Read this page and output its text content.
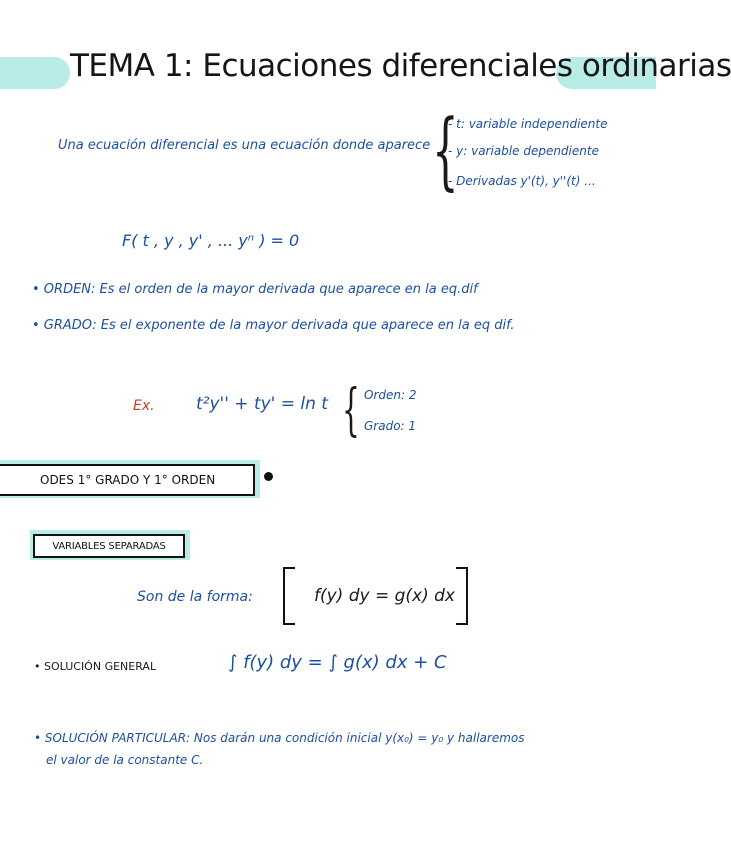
TEMA 1: Ecuaciones diferenciales ordinarias
Una ecuación diferencial es una ecuación donde aparece {
- t: variable independiente
- y: variable dependiente
- Derivadas y'(t), y''(t) ...
F( t , y , y' , ... yⁿ ) = 0
• ORDEN: Es el orden de la mayor derivada que aparece en la eq.dif
• GRADO: Es el exponente de la mayor derivada que aparece en la eq dif.
Ex. t²y'' + ty' = ln t { Orden: 2
Grado: 1
ODES 1° GRADO Y 1° ORDEN
VARIABLES SEPARADAS
Son de la forma:	f(y) dy = g(x) dx
• SOLUCIÓN GENERAL	∫ f(y) dy = ∫ g(x) dx + C
• SOLUCIÓN PARTICULAR: Nos darán una condición inicial y(x₀) = y₀ y hallaremos
el valor de la constante C.
